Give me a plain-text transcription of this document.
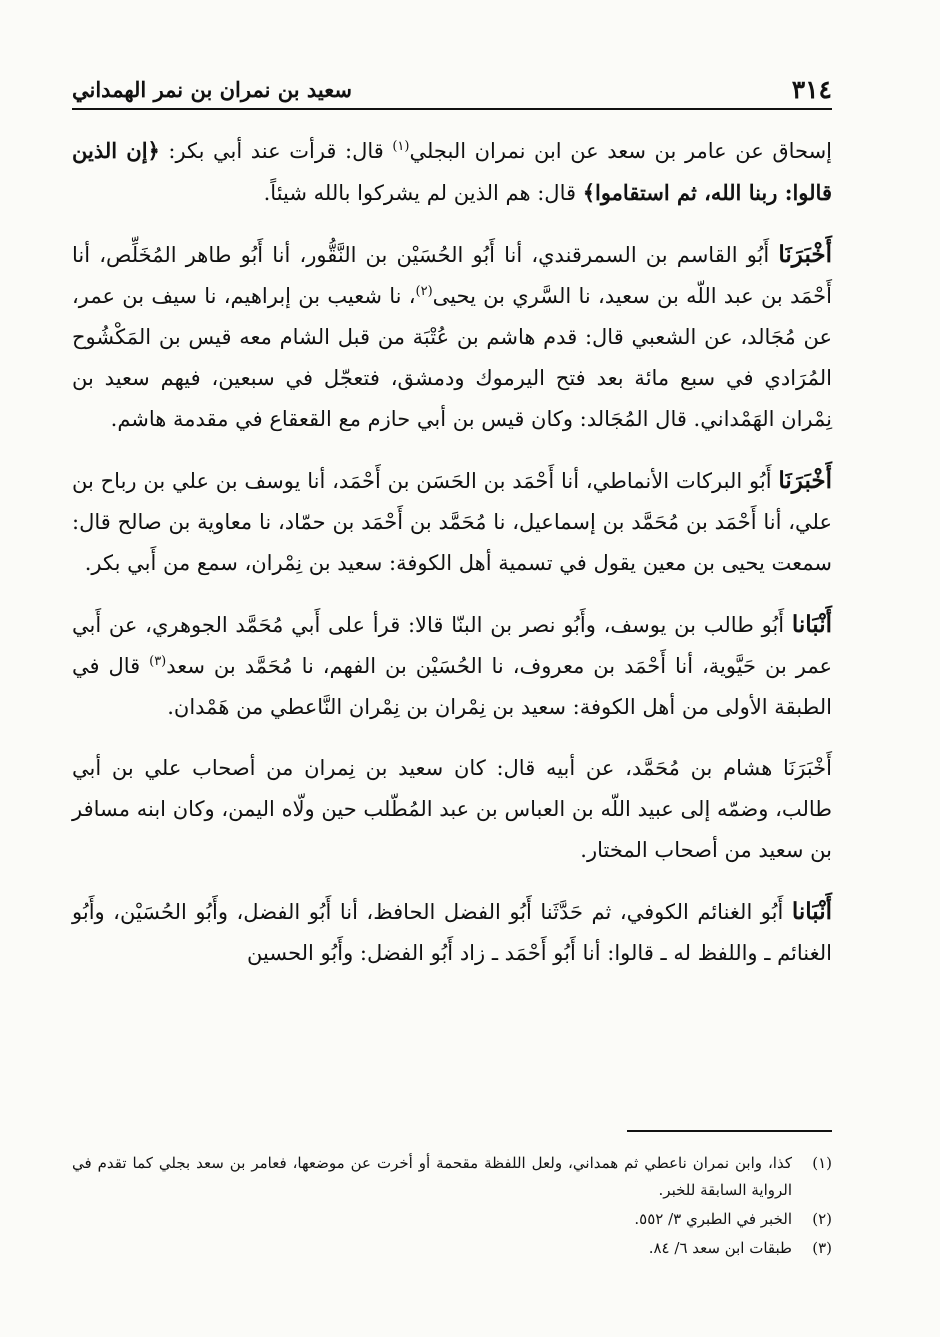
٣١٤
سعيد بن نمران بن نمر الهمداني

إسحاق عن عامر بن سعد عن ابن نمران البجلي$^{(١)}$ قال: قرأت عند أبي بكر: ﴿إن الذين قالوا: ربنا الله، ثم استقاموا﴾ قال: هم الذين لم يشركوا بالله شيئاً.

أَخْبَرَنَا أَبُو القاسم بن السمرقندي، أنا أَبُو الحُسَيْن بن النَّقُّور، أنا أَبُو طاهر المُخَلِّص، أنا أَحْمَد بن عبد اللّه بن سعيد، نا السَّري بن يحيى$^{(٢)}$، نا شعيب بن إبراهيم، نا سيف بن عمر، عن مُجَالد، عن الشعبي قال: قدم هاشم بن عُتْبَة من قبل الشام معه قيس بن المَكْشُوح المُرَادي في سبع مائة بعد فتح اليرموك ودمشق، فتعجّل في سبعين، فيهم سعيد بن نِمْران الهَمْداني. قال المُجَالد: وكان قيس بن أبي حازم مع القعقاع في مقدمة هاشم.

أَخْبَرَنَا أَبُو البركات الأنماطي، أنا أَحْمَد بن الحَسَن بن أَحْمَد، أنا يوسف بن علي بن رباح بن علي، أنا أَحْمَد بن مُحَمَّد بن إسماعيل، نا مُحَمَّد بن أَحْمَد بن حمّاد، نا معاوية بن صالح قال: سمعت يحيى بن معين يقول في تسمية أهل الكوفة: سعيد بن نِمْران، سمع من أَبي بكر.

أَنْبَانا أَبُو طالب بن يوسف، وأَبُو نصر بن البنّا قالا: قرأ على أَبي مُحَمَّد الجوهري، عن أَبي عمر بن حَيَّوية، أنا أَحْمَد بن معروف، نا الحُسَيْن بن الفهم، نا مُحَمَّد بن سعد$^{(٣)}$ قال في الطبقة الأولى من أهل الكوفة: سعيد بن نِمْران بن نِمْران النَّاعطي من هَمْدان.

أَخْبَرَنَا هشام بن مُحَمَّد، عن أبيه قال: كان سعيد بن نِمران من أصحاب علي بن أبي طالب، وضمّه إلى عبيد اللّه بن العباس بن عبد المُطّلب حين ولّاه اليمن، وكان ابنه مسافر بن سعيد من أصحاب المختار.

أَنْبَانا أَبُو الغنائم الكوفي، ثم حَدَّثَنا أَبُو الفضل الحافظ، أنا أَبُو الفضل، وأَبُو الحُسَيْن، وأَبُو الغنائم ـ واللفظ له ـ قالوا: أنا أَبُو أَحْمَد ـ زاد أَبُو الفضل: وأَبُو الحسين

(١)
كذا، وابن نمران ناعطي ثم همداني، ولعل اللفظة مقحمة أو أخرت عن موضعها، فعامر بن سعد بجلي كما تقدم في الرواية السابقة للخبر.
(٢)
الخبر في الطبري ٣/ ٥٥٢.
(٣)
طبقات ابن سعد ٦/ ٨٤.
